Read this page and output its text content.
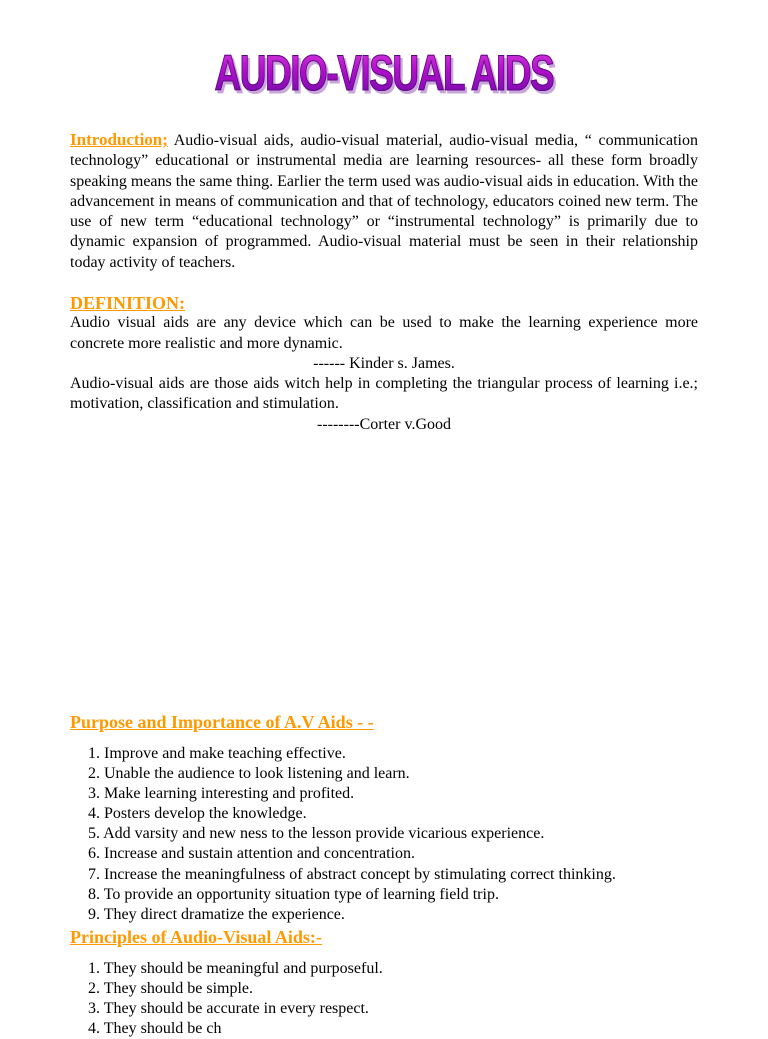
AUDIO-VISUAL AIDS
Introduction; Audio-visual aids, audio-visual material, audio-visual media, “ communication technology” educational or instrumental media are learning resources- all these form broadly speaking means the same thing. Earlier the term used was audio-visual aids in education. With the advancement in means of communication and that of technology, educators coined new term. The use of new term “educational technology” or “instrumental technology” is primarily due to dynamic expansion of programmed. Audio-visual material must be seen in their relationship today activity of teachers.
DEFINITION:
Audio visual aids are any device which can be used to make the learning experience more concrete more realistic and more dynamic.
------ Kinder s. James.
Audio-visual aids are those aids witch help in completing the triangular process of learning i.e.; motivation, classification and stimulation.
--------Corter v.Good
Purpose and Importance of A.V Aids - -
1. Improve and make teaching effective.
2. Unable the audience to look listening and learn.
3. Make learning interesting and profited.
4. Posters develop the knowledge.
5. Add varsity and new ness to the lesson provide vicarious experience.
6. Increase and sustain attention and concentration.
7. Increase the meaningfulness of abstract concept by stimulating correct thinking.
8. To provide an opportunity situation type of learning field trip.
9. They direct dramatize the experience.
Principles of Audio-Visual Aids:-
1. They should be meaningful and purposeful.
2. They should be simple.
3. They should be accurate in every respect.
4. They should be ch
